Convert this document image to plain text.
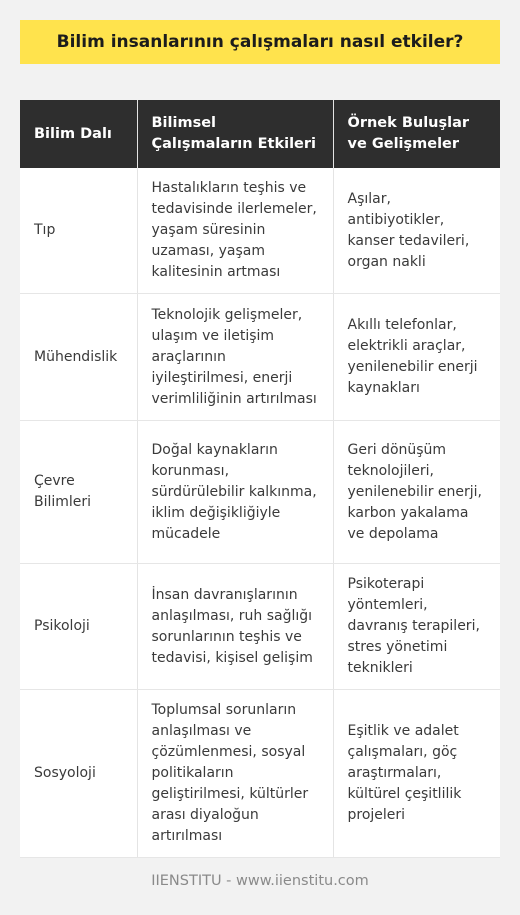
Bilim insanlarının çalışmaları nasıl etkiler?
Bilim Dalı	Bilimsel Çalışmaların Etkileri	Örnek Buluşlar ve Gelişmeler
Tıp	Hastalıkların teşhis ve tedavisinde ilerlemeler, yaşam süresinin uzaması, yaşam kalitesinin artması	Aşılar, antibiyotikler, kanser tedavileri, organ nakli
Mühendislik	Teknolojik gelişmeler, ulaşım ve iletişim araçlarının iyileştirilmesi, enerji verimliliğinin artırılması	Akıllı telefonlar, elektrikli araçlar, yenilenebilir enerji kaynakları
Çevre Bilimleri	Doğal kaynakların korunması, sürdürülebilir kalkınma, iklim değişikliğiyle mücadele	Geri dönüşüm teknolojileri, yenilenebilir enerji, karbon yakalama ve depolama
Psikoloji	İnsan davranışlarının anlaşılması, ruh sağlığı sorunlarının teşhis ve tedavisi, kişisel gelişim	Psikoterapi yöntemleri, davranış terapileri, stres yönetimi teknikleri
Sosyoloji	Toplumsal sorunların anlaşılması ve çözümlenmesi, sosyal politikaların geliştirilmesi, kültürler arası diyaloğun artırılması	Eşitlik ve adalet çalışmaları, göç araştırmaları, kültürel çeşitlilik projeleri
IIENSTITU - www.iienstitu.com
